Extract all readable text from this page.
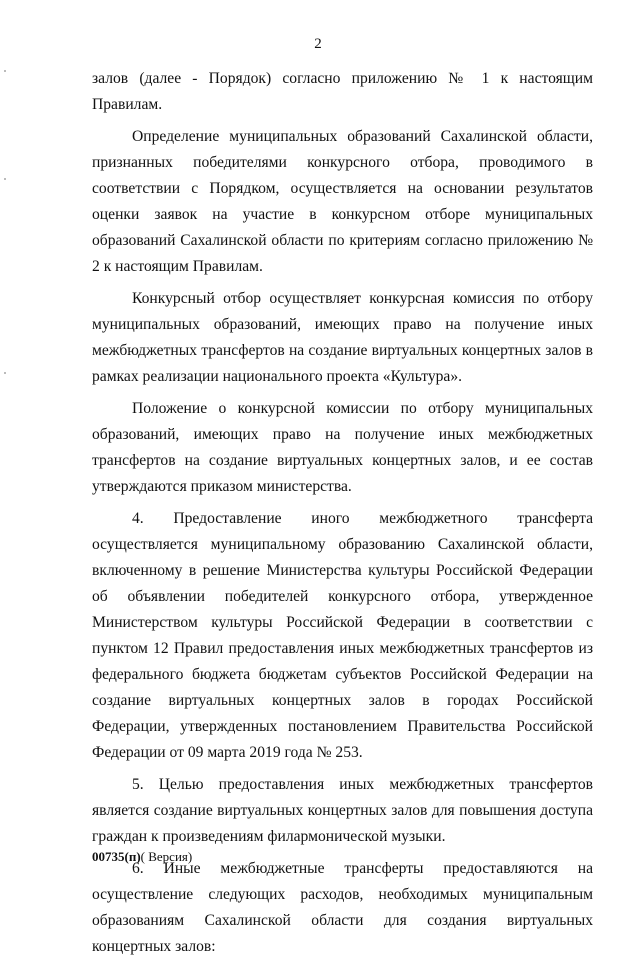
2

залов (далее - Порядок) согласно приложению № 1 к настоящим Правилам.

Определение муниципальных образований Сахалинской области, признанных победителями конкурсного отбора, проводимого в соответствии с Порядком, осуществляется на основании результатов оценки заявок на участие в конкурсном отборе муниципальных образований Сахалинской области по критериям согласно приложению № 2 к настоящим Правилам.

Конкурсный отбор осуществляет конкурсная комиссия по отбору муниципальных образований, имеющих право на получение иных межбюджетных трансфертов на создание виртуальных концертных залов в рамках реализации национального проекта «Культура».

Положение о конкурсной комиссии по отбору муниципальных образований, имеющих право на получение иных межбюджетных трансфертов на создание виртуальных концертных залов, и ее состав утверждаются приказом министерства.

4. Предоставление иного межбюджетного трансферта осуществляется муниципальному образованию Сахалинской области, включенному в решение Министерства культуры Российской Федерации об объявлении победителей конкурсного отбора, утвержденное Министерством культуры Российской Федерации в соответствии с пунктом 12 Правил предоставления иных межбюджетных трансфертов из федерального бюджета бюджетам субъектов Российской Федерации на создание виртуальных концертных залов в городах Российской Федерации, утвержденных постановлением Правительства Российской Федерации от 09 марта 2019 года № 253.

5. Целью предоставления иных межбюджетных трансфертов является создание виртуальных концертных залов для повышения доступа граждан к произведениям филармонической музыки.

6. Иные межбюджетные трансферты предоставляются на осуществление следующих расходов, необходимых муниципальным образованиям Сахалинской области для создания виртуальных концертных залов:

00735(п)( Версия)
